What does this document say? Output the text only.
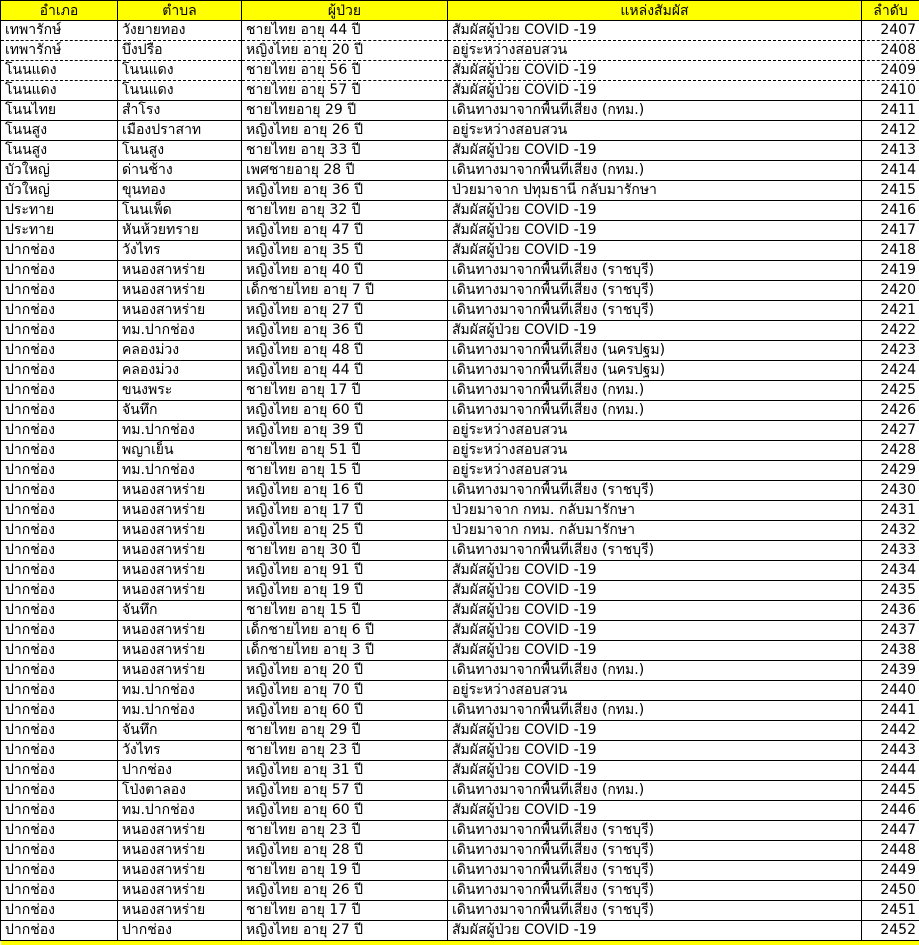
อำเภอ	ตำบล	ผู้ป่วย	แหล่งสัมผัส	ลำดับ
เทพารักษ์	วังยายทอง	ชายไทย อายุ 44 ปี	สัมผัสผู้ป่วย COVID -19	2407
เทพารักษ์	บึงปรือ	หญิงไทย อายุ 20 ปี	อยู่ระหว่างสอบสวน	2408
โนนแดง	โนนแดง	ชายไทย อายุ 56 ปี	สัมผัสผู้ป่วย COVID -19	2409
โนนแดง	โนนแดง	ชายไทย อายุ 57 ปี	สัมผัสผู้ป่วย COVID -19	2410
โนนไทย	สำโรง	ชายไทยอายุ 29 ปี	เดินทางมาจากพื้นที่เสี่ยง (กทม.)	2411
โนนสูง	เมืองปราสาท	หญิงไทย อายุ 26 ปี	อยู่ระหว่างสอบสวน	2412
โนนสูง	โนนสูง	ชายไทย อายุ 33 ปี	สัมผัสผู้ป่วย COVID -19	2413
บัวใหญ่	ด่านช้าง	เพศชายอายุ 28 ปี	เดินทางมาจากพื้นที่เสี่ยง (กทม.)	2414
บัวใหญ่	ขุนทอง	หญิงไทย อายุ 36 ปี	ป่วยมาจาก ปทุมธานี กลับมารักษา	2415
ประทาย	โนนเพ็ด	ชายไทย อายุ 32 ปี	สัมผัสผู้ป่วย COVID -19	2416
ประทาย	หันห้วยทราย	หญิงไทย อายุ 47 ปี	สัมผัสผู้ป่วย COVID -19	2417
ปากช่อง	วังไทร	หญิงไทย อายุ 35 ปี	สัมผัสผู้ป่วย COVID -19	2418
ปากช่อง	หนองสาหร่าย	หญิงไทย อายุ 40 ปี	เดินทางมาจากพื้นที่เสี่ยง (ราชบุรี)	2419
ปากช่อง	หนองสาหร่าย	เด็กชายไทย อายุ 7 ปี	เดินทางมาจากพื้นที่เสี่ยง (ราชบุรี)	2420
ปากช่อง	หนองสาหร่าย	หญิงไทย อายุ 27 ปี	เดินทางมาจากพื้นที่เสี่ยง (ราชบุรี)	2421
ปากช่อง	ทม.ปากช่อง	หญิงไทย อายุ 36 ปี	สัมผัสผู้ป่วย COVID -19	2422
ปากช่อง	คลองม่วง	หญิงไทย อายุ 48 ปี	เดินทางมาจากพื้นที่เสี่ยง (นครปฐม)	2423
ปากช่อง	คลองม่วง	หญิงไทย อายุ 44 ปี	เดินทางมาจากพื้นที่เสี่ยง (นครปฐม)	2424
ปากช่อง	ขนงพระ	ชายไทย อายุ 17 ปี	เดินทางมาจากพื้นที่เสี่ยง (กทม.)	2425
ปากช่อง	จันทึก	หญิงไทย อายุ 60 ปี	เดินทางมาจากพื้นที่เสี่ยง (กทม.)	2426
ปากช่อง	ทม.ปากช่อง	หญิงไทย อายุ 39 ปี	อยู่ระหว่างสอบสวน	2427
ปากช่อง	พญาเย็น	ชายไทย อายุ 51 ปี	อยู่ระหว่างสอบสวน	2428
ปากช่อง	ทม.ปากช่อง	ชายไทย อายุ 15 ปี	อยู่ระหว่างสอบสวน	2429
ปากช่อง	หนองสาหร่าย	หญิงไทย อายุ 16 ปี	เดินทางมาจากพื้นที่เสี่ยง (ราชบุรี)	2430
ปากช่อง	หนองสาหร่าย	หญิงไทย อายุ 17 ปี	ป่วยมาจาก กทม. กลับมารักษา	2431
ปากช่อง	หนองสาหร่าย	หญิงไทย อายุ 25 ปี	ป่วยมาจาก กทม. กลับมารักษา	2432
ปากช่อง	หนองสาหร่าย	ชายไทย อายุ 30 ปี	เดินทางมาจากพื้นที่เสี่ยง (ราชบุรี)	2433
ปากช่อง	หนองสาหร่าย	หญิงไทย อายุ 91 ปี	สัมผัสผู้ป่วย COVID -19	2434
ปากช่อง	หนองสาหร่าย	หญิงไทย อายุ 19 ปี	สัมผัสผู้ป่วย COVID -19	2435
ปากช่อง	จันทึก	ชายไทย อายุ 15 ปี	สัมผัสผู้ป่วย COVID -19	2436
ปากช่อง	หนองสาหร่าย	เด็กชายไทย อายุ 6 ปี	สัมผัสผู้ป่วย COVID -19	2437
ปากช่อง	หนองสาหร่าย	เด็กชายไทย อายุ 3 ปี	สัมผัสผู้ป่วย COVID -19	2438
ปากช่อง	หนองสาหร่าย	หญิงไทย อายุ 20 ปี	เดินทางมาจากพื้นที่เสี่ยง (กทม.)	2439
ปากช่อง	ทม.ปากช่อง	หญิงไทย อายุ 70 ปี	อยู่ระหว่างสอบสวน	2440
ปากช่อง	ทม.ปากช่อง	หญิงไทย อายุ 60 ปี	เดินทางมาจากพื้นที่เสี่ยง (กทม.)	2441
ปากช่อง	จันทึก	ชายไทย อายุ 29 ปี	สัมผัสผู้ป่วย COVID -19	2442
ปากช่อง	วังไทร	ชายไทย อายุ 23 ปี	สัมผัสผู้ป่วย COVID -19	2443
ปากช่อง	ปากช่อง	หญิงไทย อายุ 31 ปี	สัมผัสผู้ป่วย COVID -19	2444
ปากช่อง	โป่งตาลอง	หญิงไทย อายุ 57 ปี	เดินทางมาจากพื้นที่เสี่ยง (กทม.)	2445
ปากช่อง	ทม.ปากช่อง	หญิงไทย อายุ 60 ปี	สัมผัสผู้ป่วย COVID -19	2446
ปากช่อง	หนองสาหร่าย	ชายไทย อายุ 23 ปี	เดินทางมาจากพื้นที่เสี่ยง (ราชบุรี)	2447
ปากช่อง	หนองสาหร่าย	หญิงไทย อายุ 28 ปี	เดินทางมาจากพื้นที่เสี่ยง (ราชบุรี)	2448
ปากช่อง	หนองสาหร่าย	ชายไทย อายุ 19 ปี	เดินทางมาจากพื้นที่เสี่ยง (ราชบุรี)	2449
ปากช่อง	หนองสาหร่าย	หญิงไทย อายุ 26 ปี	เดินทางมาจากพื้นที่เสี่ยง (ราชบุรี)	2450
ปากช่อง	หนองสาหร่าย	ชายไทย อายุ 17 ปี	เดินทางมาจากพื้นที่เสี่ยง (ราชบุรี)	2451
ปากช่อง	ปากช่อง	หญิงไทย อายุ 27 ปี	สัมผัสผู้ป่วย COVID -19	2452
